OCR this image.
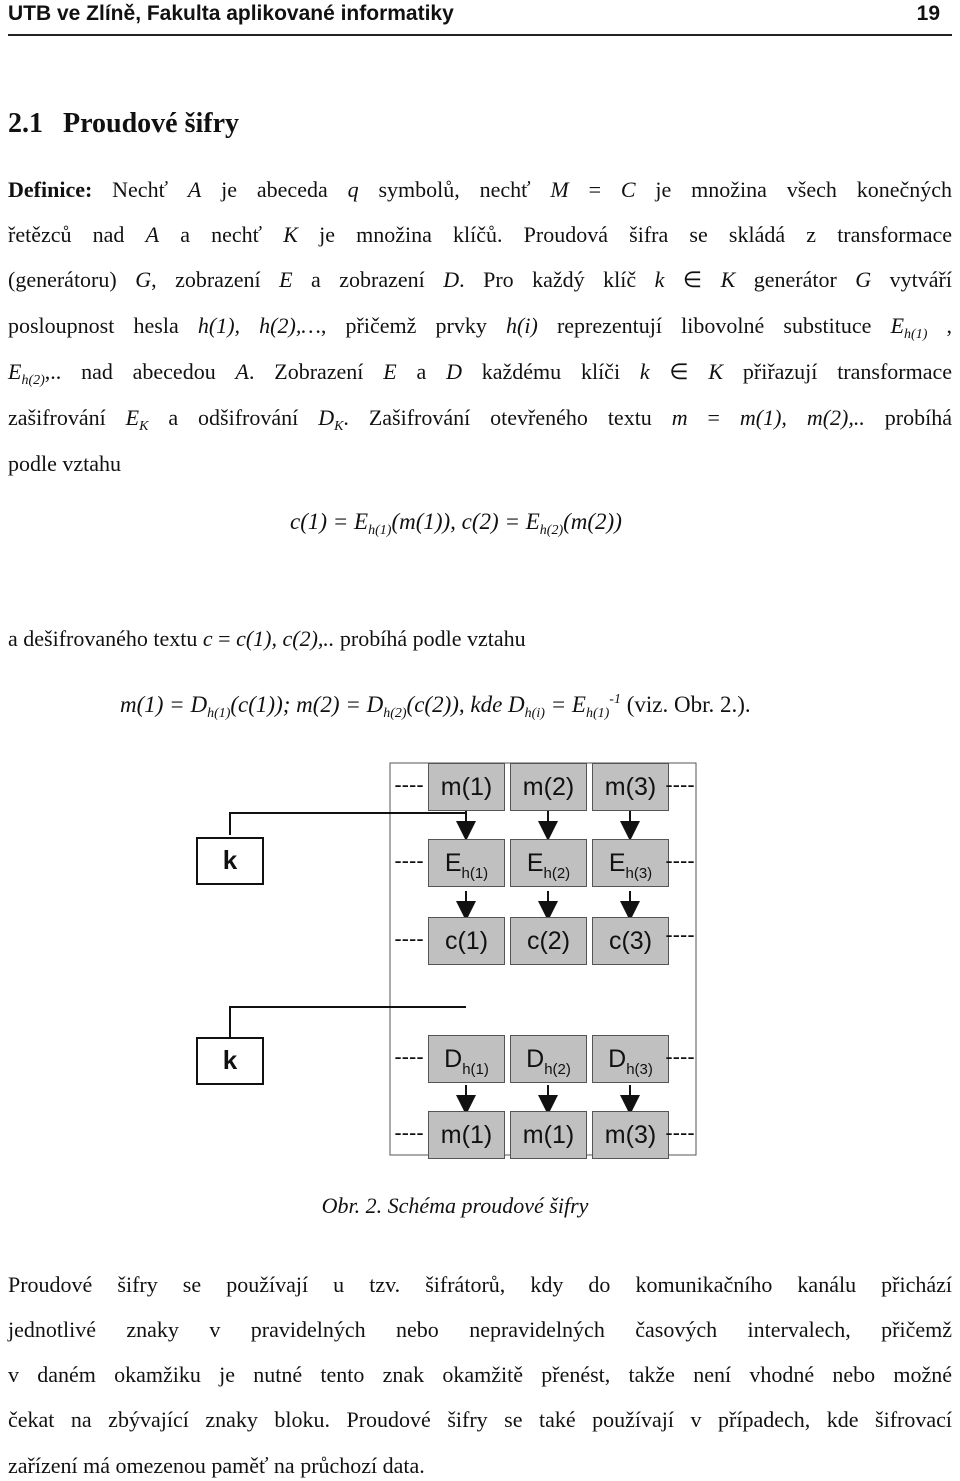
UTB ve Zlíně, Fakulta aplikované informatiky	19
2.1 Proudové šifry
Definice: Nechť A je abeceda q symbolů, nechť M = C je množina všech konečných
řetězců nad A a nechť K je množina klíčů. Proudová šifra se skládá z transformace
(generátoru) G, zobrazení E a zobrazení D. Pro každý klíč k ∈ K generátor G vytváří
posloupnost hesla h(1), h(2),…, přičemž prvky h(i) reprezentují libovolné substituce $E_{h(1)}$ ,
$E_{h(2)}$,.. nad abecedou A. Zobrazení E a D každému klíči k ∈ K přiřazují transformace
zašifrování $E_K$ a odšifrování $D_K$. Zašifrování otevřeného textu m = m(1), m(2),.. probíhá
podle vztahu
$c(1) = E_{h(1)}(m(1))$, $c(2) = E_{h(2)}(m(2))$
a dešifrovaného textu c = c(1), c(2),.. probíhá podle vztahu
$m(1) = D_{h(1)}(c(1))$; $m(2) = D_{h(2)}(c(2))$, kde $D_{h(i)} = E_{h(1)}^{-1}$ (viz. Obr. 2.).
---- m(1)	m(2)	m(3) ----
k	---- $E_{h(1)}$	$E_{h(2)}$	$E_{h(3)}$
----
---- c(1)	c(2)	c(3) ----
k	---- $D_{h(1)}$	$D_{h(2)}$	$D_{h(3)}$
----
---- m(1)	m(1)	m(3) ----
Obr. 2. Schéma proudové šifry
Proudové šifry se používají u tzv. šifrátorů, kdy do komunikačního kanálu přichází
jednotlivé znaky v pravidelných nebo nepravidelných časových intervalech, přičemž
v daném okamžiku je nutné tento znak okamžitě přenést, takže není vhodné nebo možné
čekat na zbývající znaky bloku. Proudové šifry se také používají v případech, kde šifrovací
zařízení má omezenou paměť na průchozí data.
